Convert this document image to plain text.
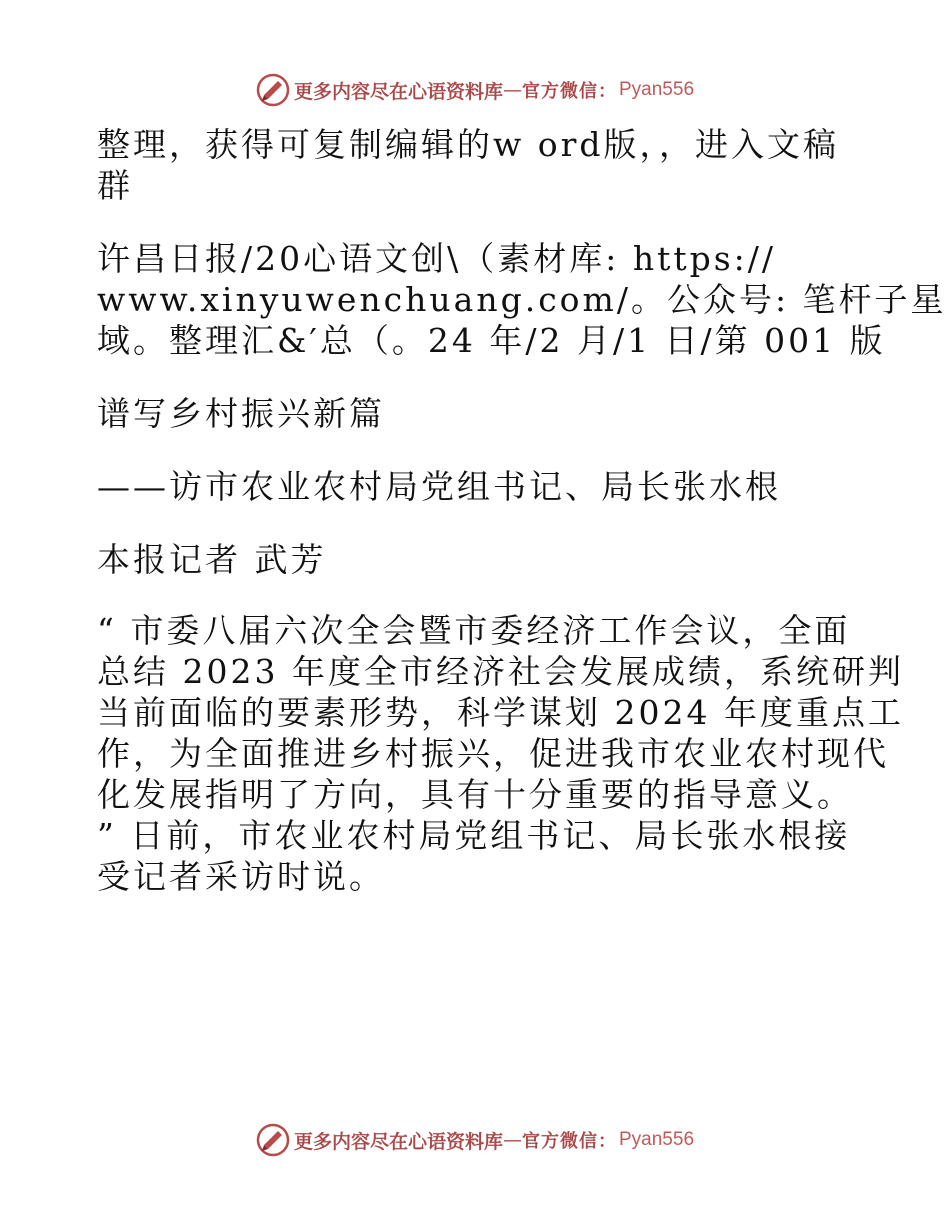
更多内容尽在心语资料库 — 官方微信： Pyan556

整理，获得可复制编辑的w ord版，，进入文稿

群

许昌日报/20心语文创\（素材库: https://

www.xinyuwenchuang.com/。公众号: 笔杆子星

域。整理汇&′总（。24 年/2 月/1 日/第 001 版

谱写乡村振兴新篇

——访市农业农村局党组书记、局长张水根

本报记者 武芳

“ 市委八届六次全会暨市委经济工作会议，全面

总结 2023 年度全市经济社会发展成绩，系统研判

当前面临的要素形势，科学谋划 2024 年度重点工

作，为全面推进乡村振兴，促进我市农业农村现代

化发展指明了方向，具有十分重要的指导意义。

” 日前，市农业农村局党组书记、局长张水根接

受记者采访时说。

更多内容尽在心语资料库 — 官方微信： Pyan556
